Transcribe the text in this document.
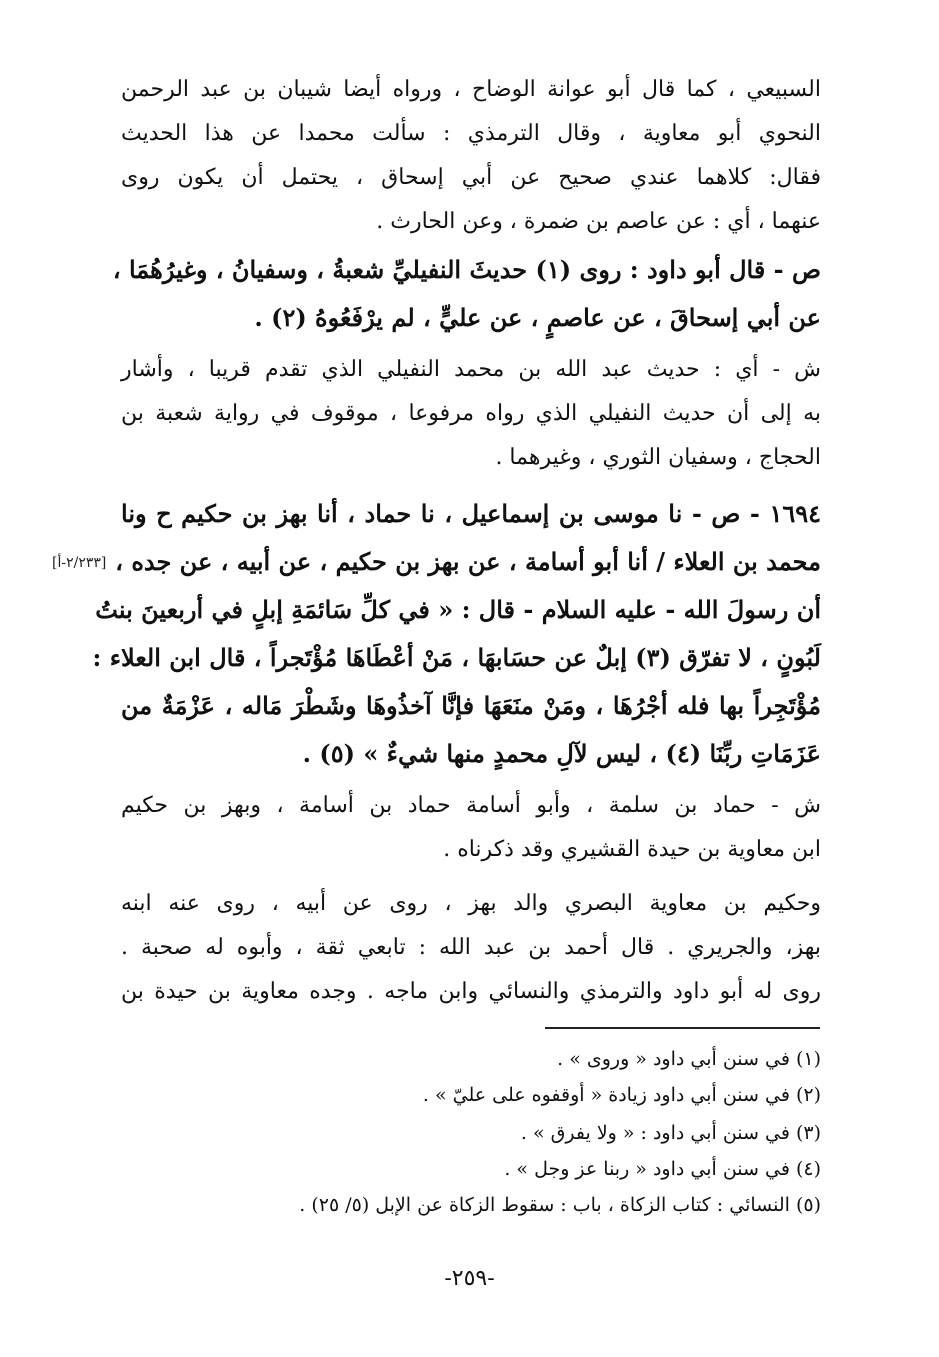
السبيعي ، كما قال أبو عوانة الوضاح ، ورواه أيضا شيبان بن عبد الرحمن
النحوي أبو معاوية ، وقال الترمذي : سألت محمدا عن هذا الحديث
فقال: كلاهما عندي صحيح عن أبي إسحاق ، يحتمل أن يكون روى
عنهما ، أي : عن عاصم بن ضمرة ، وعن الحارث .
ص - قال أبو داود : روى (١) حديثَ النفيليِّ شعبةُ ، وسفيانُ ، وغيرُهُمَا ،
عن أبي إسحاقَ ، عن عاصمٍ ، عن عليٍّ ، لم يرْفَعُوهُ (٢) .
ش - أي : حديث عبد الله بن محمد النفيلي الذي تقدم قريبا ، وأشار
به إلى أن حديث النفيلي الذي رواه مرفوعا ، موقوف في رواية شعبة بن
الحجاج ، وسفيان الثوري ، وغيرهما .
١٦٩٤ - ص - نا موسى بن إسماعيل ، نا حماد ، أنا بهز بن حكيم ح ونا
محمد بن العلاء / أنا أبو أسامة ، عن بهز بن حكيم ، عن أبيه ، عن جده ،
[٢/٢٣٣-أ]
أن رسولَ الله - عليه السلام - قال : « في كلِّ سَائمَةِ إبلٍ في أربعينَ بنتُ
لَبُونٍ ، لا تفرّق (٣) إبلٌ عن حسَابهَا ، مَنْ أعْطَاهَا مُؤْتَجراً ، قال ابن العلاء :
مُؤْتَجِراً بها فله أجْرُهَا ، ومَنْ منَعَهَا فإنَّا آخذُوهَا وشَطْرَ مَاله ، عَزْمَةٌ من
عَزَمَاتِ ربِّنَا (٤) ، ليس لآلِ محمدٍ منها شيءٌ » (٥) .
ش - حماد بن سلمة ، وأبو أسامة حماد بن أسامة ، وبهز بن حكيم
ابن معاوية بن حيدة القشيري وقد ذكرناه .
وحكيم بن معاوية البصري والد بهز ، روى عن أبيه ، روى عنه ابنه
بهز، والجريري . قال أحمد بن عبد الله : تابعي ثقة ، وأبوه له صحبة .
روى له أبو داود والترمذي والنسائي وابن ماجه . وجده معاوية بن حيدة بن
(١) في سنن أبي داود « وروى » .
(٢) في سنن أبي داود زيادة « أوقفوه على عليّ » .
(٣) في سنن أبي داود : « ولا يفرق » .
(٤) في سنن أبي داود « ربنا عز وجل » .
(٥) النسائي : كتاب الزكاة ، باب : سقوط الزكاة عن الإبل (٥/ ٢٥) .
-٢٥٩-
